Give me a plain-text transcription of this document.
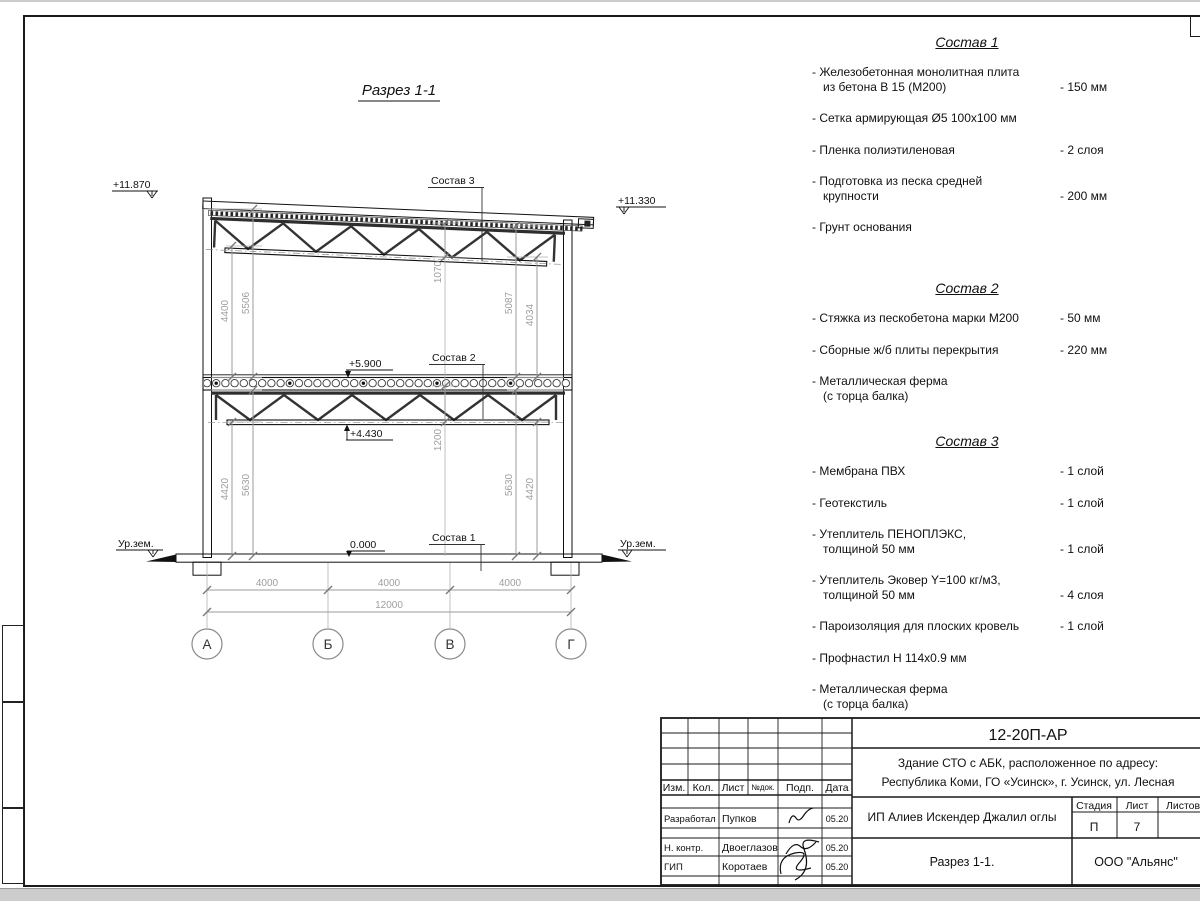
Разрез 1-1
4400 5506
1070
5087
4034
4420 5630
1200
5630 4420
4000	4000	4000
12000
А	Б	В	Г
+11.870
+11.330
+5.900
+4.430
0.000
Ур.зем.	Ур.зем.
Состав 3
Состав 2
Состав 1
Состав 1
- Железобетонная монолитная плита
из бетона В 15 (М200)	- 150 мм
- Сетка армирующая Ø5 100х100 мм
- Пленка полиэтиленовая	- 2 слоя
- Подготовка из песка средней
крупности	- 200 мм
- Грунт основания
Состав 2
- Стяжка из пескобетона марки М200	- 50 мм
- Сборные ж/б плиты перекрытия	- 220 мм
- Металлическая ферма
(с торца балка)
Состав 3
- Мембрана ПВХ	- 1 слой
- Геотекстиль	- 1 слой
- Утеплитель ПЕНОПЛЭКС,
толщиной 50 мм	- 1 слой
- Утеплитель Эковер Y=100 кг/м3,
толщиной 50 мм	- 4 слоя
- Пароизоляция для плоских кровель	- 1 слой
- Профнастил Н 114х0.9 мм
- Металлическая ферма
(с торца балка)
Изм. Кол. Лист №док. Подп. Дата
Разработал Пупков	05.20
Н. контр. Двоеглазов	05.20
ГИП	Коротаев	05.20
12-20П-АР
Здание СТО с АБК, расположенное по адресу:
Республика Коми, ГО «Усинск», г. Усинск, ул. Лесная
ИП Алиев Искендер Джалил оглы
Стадия Лист Листов
П	7
Разрез 1-1.	ООО "Альянс"
